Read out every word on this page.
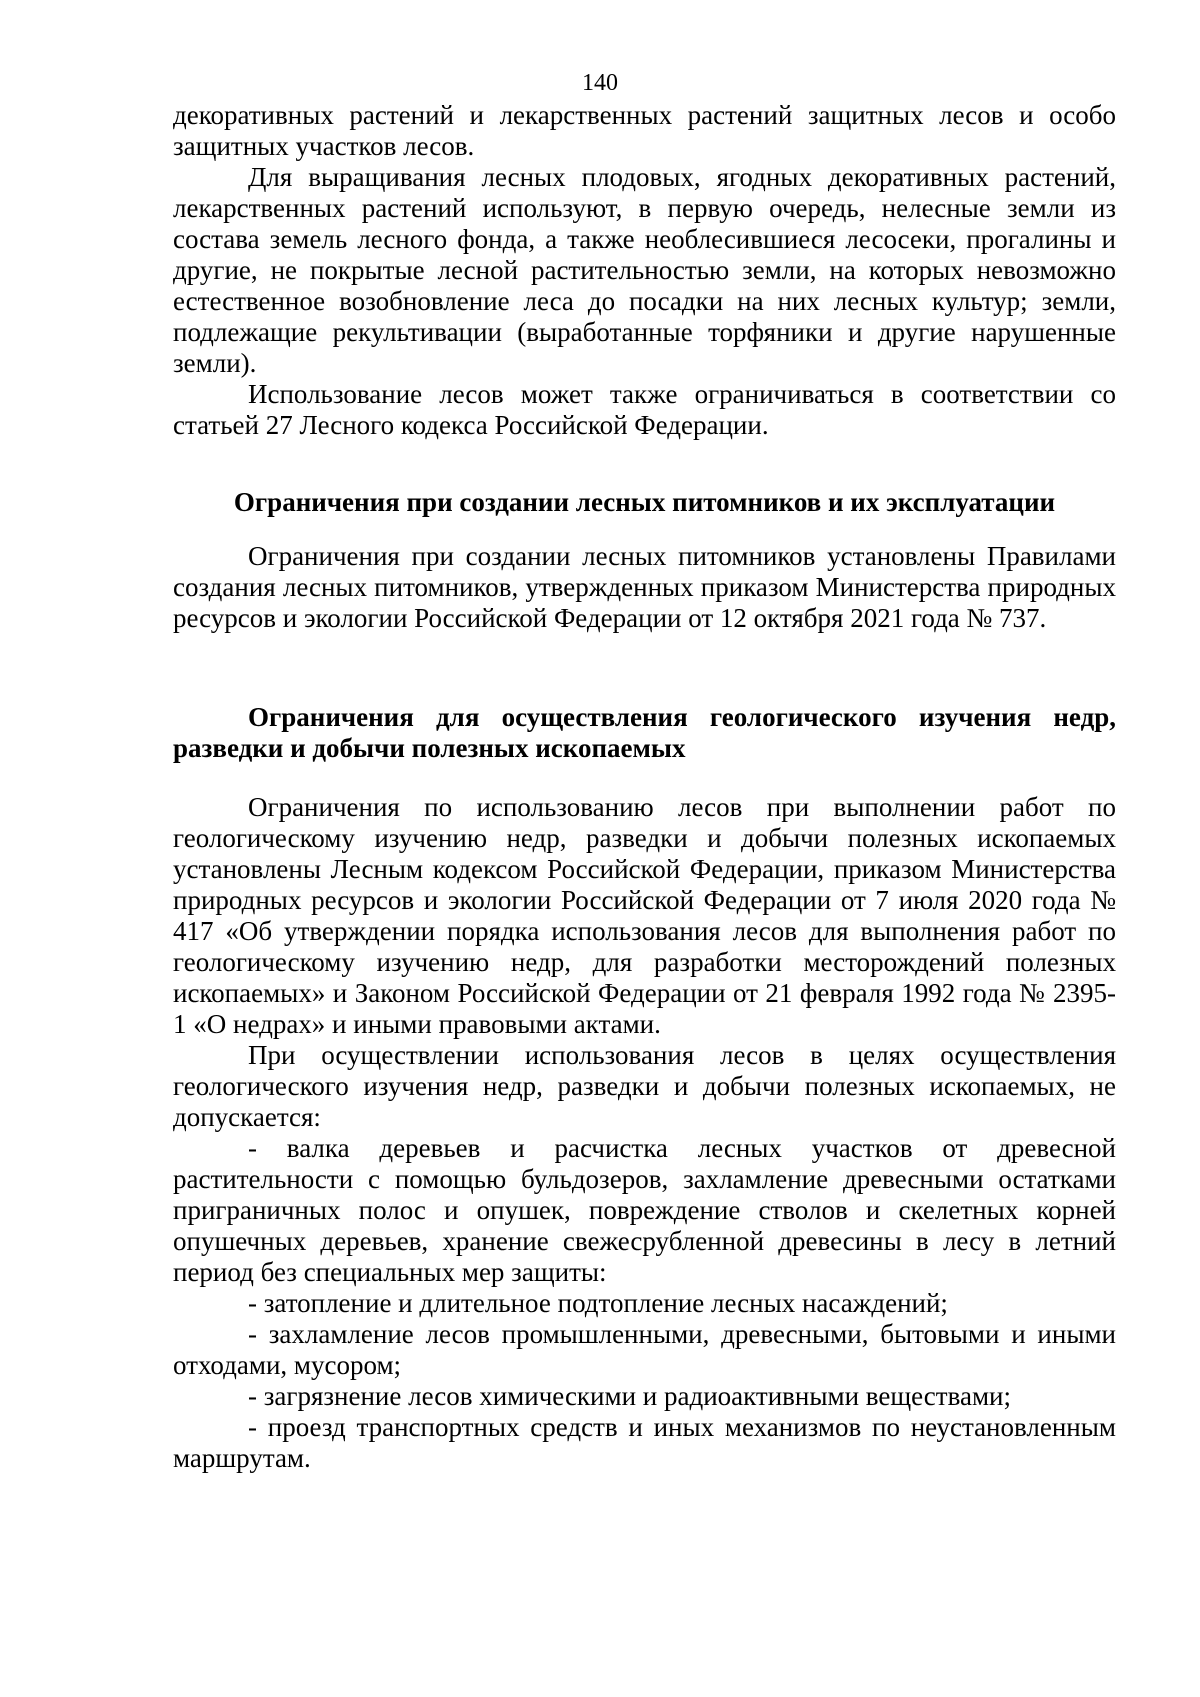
140

декоративных растений и лекарственных растений защитных лесов и особо защитных участков лесов.

Для выращивания лесных плодовых, ягодных декоративных растений, лекарственных растений используют, в первую очередь, нелесные земли из состава земель лесного фонда, а также необлесившиеся лесосеки, прогалины и другие, не покрытые лесной растительностью земли, на которых невозможно естественное возобновление леса до посадки на них лесных культур; земли, подлежащие рекультивации (выработанные торфяники и другие нарушенные земли).

Использование лесов может также ограничиваться в соответствии со статьей 27 Лесного кодекса Российской Федерации.

Ограничения при создании лесных питомников и их эксплуатации

Ограничения при создании лесных питомников установлены Правилами создания лесных питомников, утвержденных приказом Министерства природных ресурсов и экологии Российской Федерации от 12 октября 2021 года № 737.

Ограничения для осуществления геологического изучения недр, разведки и добычи полезных ископаемых

Ограничения по использованию лесов при выполнении работ по геологическому изучению недр, разведки и добычи полезных ископаемых установлены Лесным кодексом Российской Федерации, приказом Министерства природных ресурсов и экологии Российской Федерации от 7 июля 2020 года № 417 «Об утверждении порядка использования лесов для выполнения работ по геологическому изучению недр, для разработки месторождений полезных ископаемых» и Законом Российской Федерации от 21 февраля 1992 года № 2395-1 «О недрах» и иными правовыми актами.

При осуществлении использования лесов в целях осуществления геологического изучения недр, разведки и добычи полезных ископаемых, не допускается:

- валка деревьев и расчистка лесных участков от древесной растительности с помощью бульдозеров, захламление древесными остатками приграничных полос и опушек, повреждение стволов и скелетных корней опушечных деревьев, хранение свежесрубленной древесины в лесу в летний период без специальных мер защиты:

- затопление и длительное подтопление лесных насаждений;

- захламление лесов промышленными, древесными, бытовыми и иными отходами, мусором;

- загрязнение лесов химическими и радиоактивными веществами;

- проезд транспортных средств и иных механизмов по неустановленным маршрутам.
